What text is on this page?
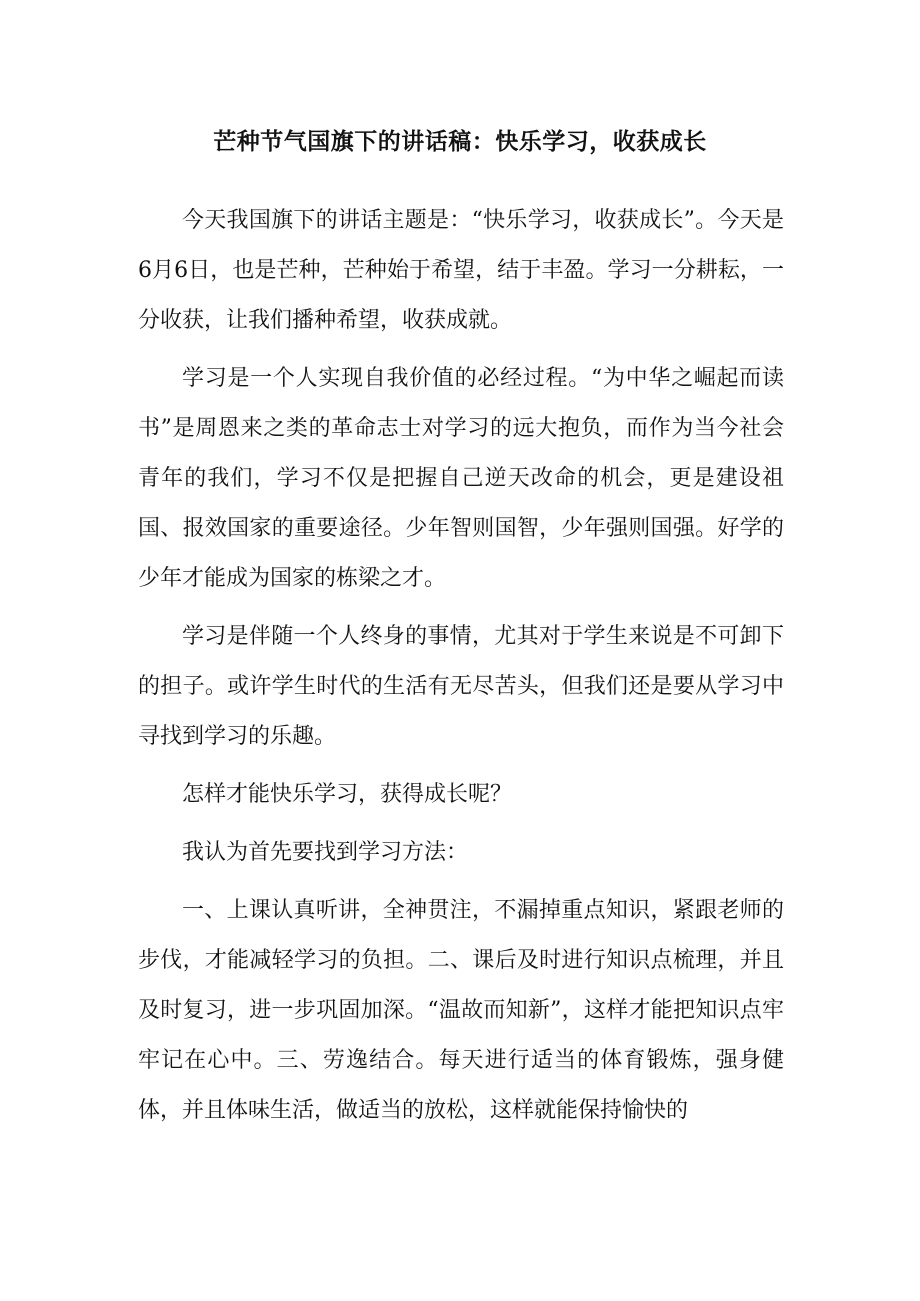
芒种节气国旗下的讲话稿：快乐学习，收获成长

今天我国旗下的讲话主题是：“快乐学习，收获成长”。今天是6月6日，也是芒种，芒种始于希望，结于丰盈。学习一分耕耘，一分收获，让我们播种希望，收获成就。

学习是一个人实现自我价值的必经过程。“为中华之崛起而读书”是周恩来之类的革命志士对学习的远大抱负，而作为当今社会青年的我们，学习不仅是把握自己逆天改命的机会，更是建设祖国、报效国家的重要途径。少年智则国智，少年强则国强。好学的少年才能成为国家的栋梁之才。

学习是伴随一个人终身的事情，尤其对于学生来说是不可卸下的担子。或许学生时代的生活有无尽苦头，但我们还是要从学习中寻找到学习的乐趣。

怎样才能快乐学习，获得成长呢？

我认为首先要找到学习方法：

一、上课认真听讲，全神贯注，不漏掉重点知识，紧跟老师的步伐，才能减轻学习的负担。二、课后及时进行知识点梳理，并且及时复习，进一步巩固加深。“温故而知新”，这样才能把知识点牢牢记在心中。三、劳逸结合。每天进行适当的体育锻炼，强身健体，并且体味生活，做适当的放松，这样就能保持愉快的
